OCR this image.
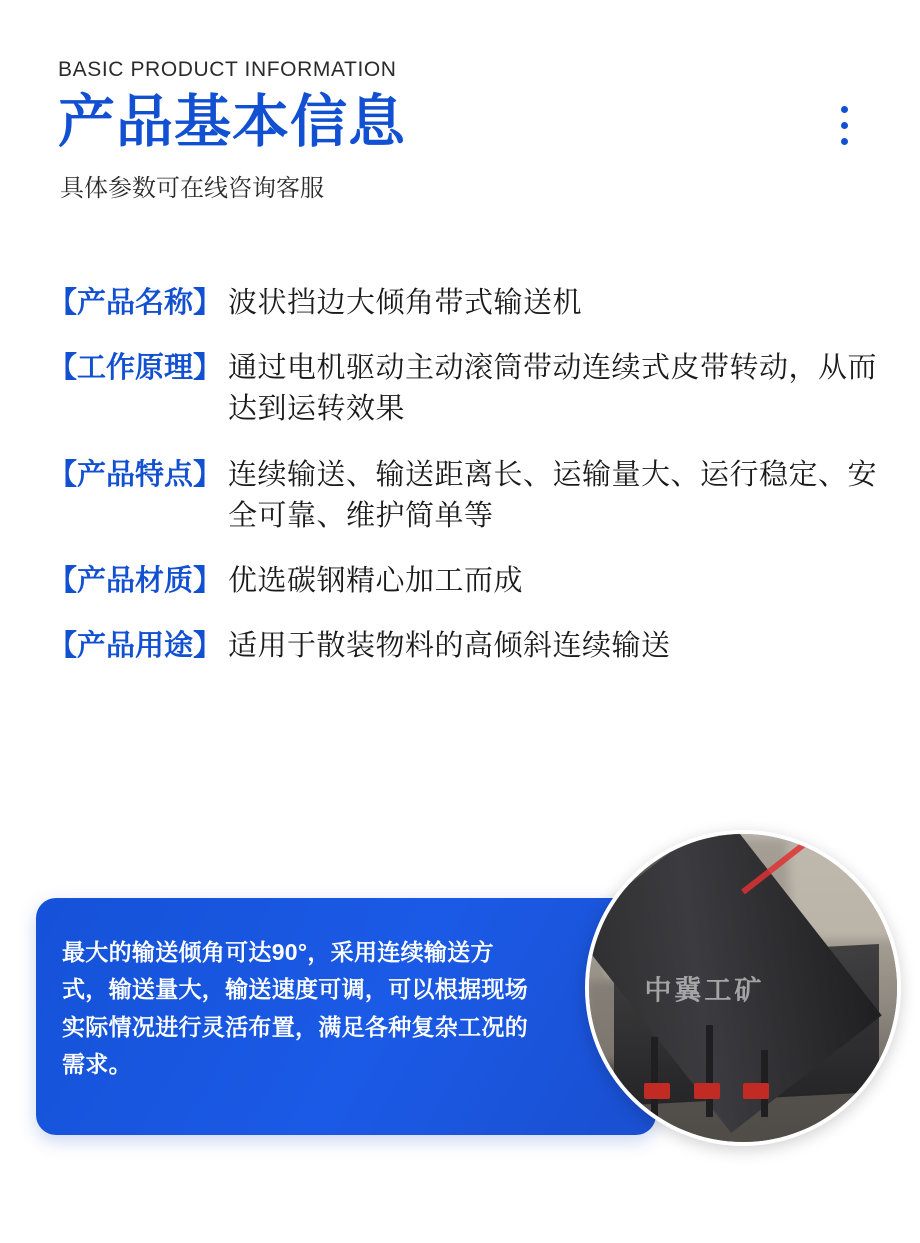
BASIC PRODUCT INFORMATION

产品基本信息

具体参数可在线咨询客服

【产品名称】 波状挡边大倾角带式输送机
【工作原理】 通过电机驱动主动滚筒带动连续式皮带转动，从而达到运转效果
【产品特点】 连续输送、输送距离长、运输量大、运行稳定、安全可靠、维护简单等
【产品材质】 优选碳钢精心加工而成
【产品用途】 适用于散装物料的高倾斜连续输送
最大的输送倾角可达90°，采用连续输送方式，输送量大，输送速度可调，可以根据现场实际情况进行灵活布置，满足各种复杂工况的需求。
中冀工矿
